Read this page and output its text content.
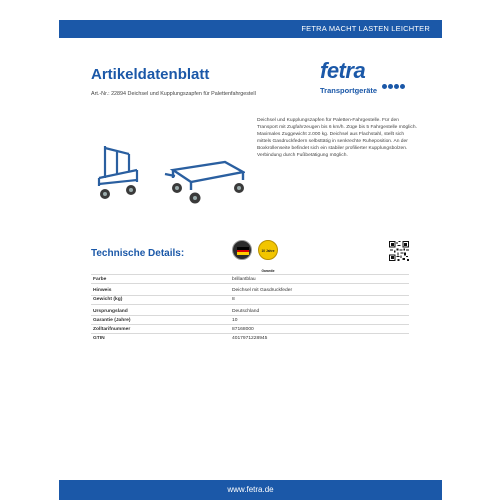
FETRA MACHT LASTEN LEICHTER
Artikeldatenblatt
Art.-Nr.: 22894 Deichsel und Kupplungszapfen für Palettenfahrgestell
fetra
Transportgeräte
Deichsel und Kupplungszapfen für Paletten-Fahrgestelle. Für den Transport mit Zugfahrzeugen bis 6 km/h. Züge bis 5 Fahrgestelle möglich. Maximales Zuggewicht 2.000 kg. Deichsel aus Flachstahl, stellt sich mittels Gasdruckfedern selbsttätig in senkrechte Ruheposition. An der Boxkrollenseite befindet sich ein stabiler profilierter Kupplungsbolzen. Verbindung durch Fußbetätigung möglich.
Technische Details:	10 Jahre Garantie
Farbe	brillantblau
Hinweis	Deichsel mit Gasdruckfeder
Gewicht (kg)	8
Ursprungsland	Deutschland
Garantie (Jahre)	10
Zolltarifnummer	87168000
GTIN	4017971228945
www.fetra.de
